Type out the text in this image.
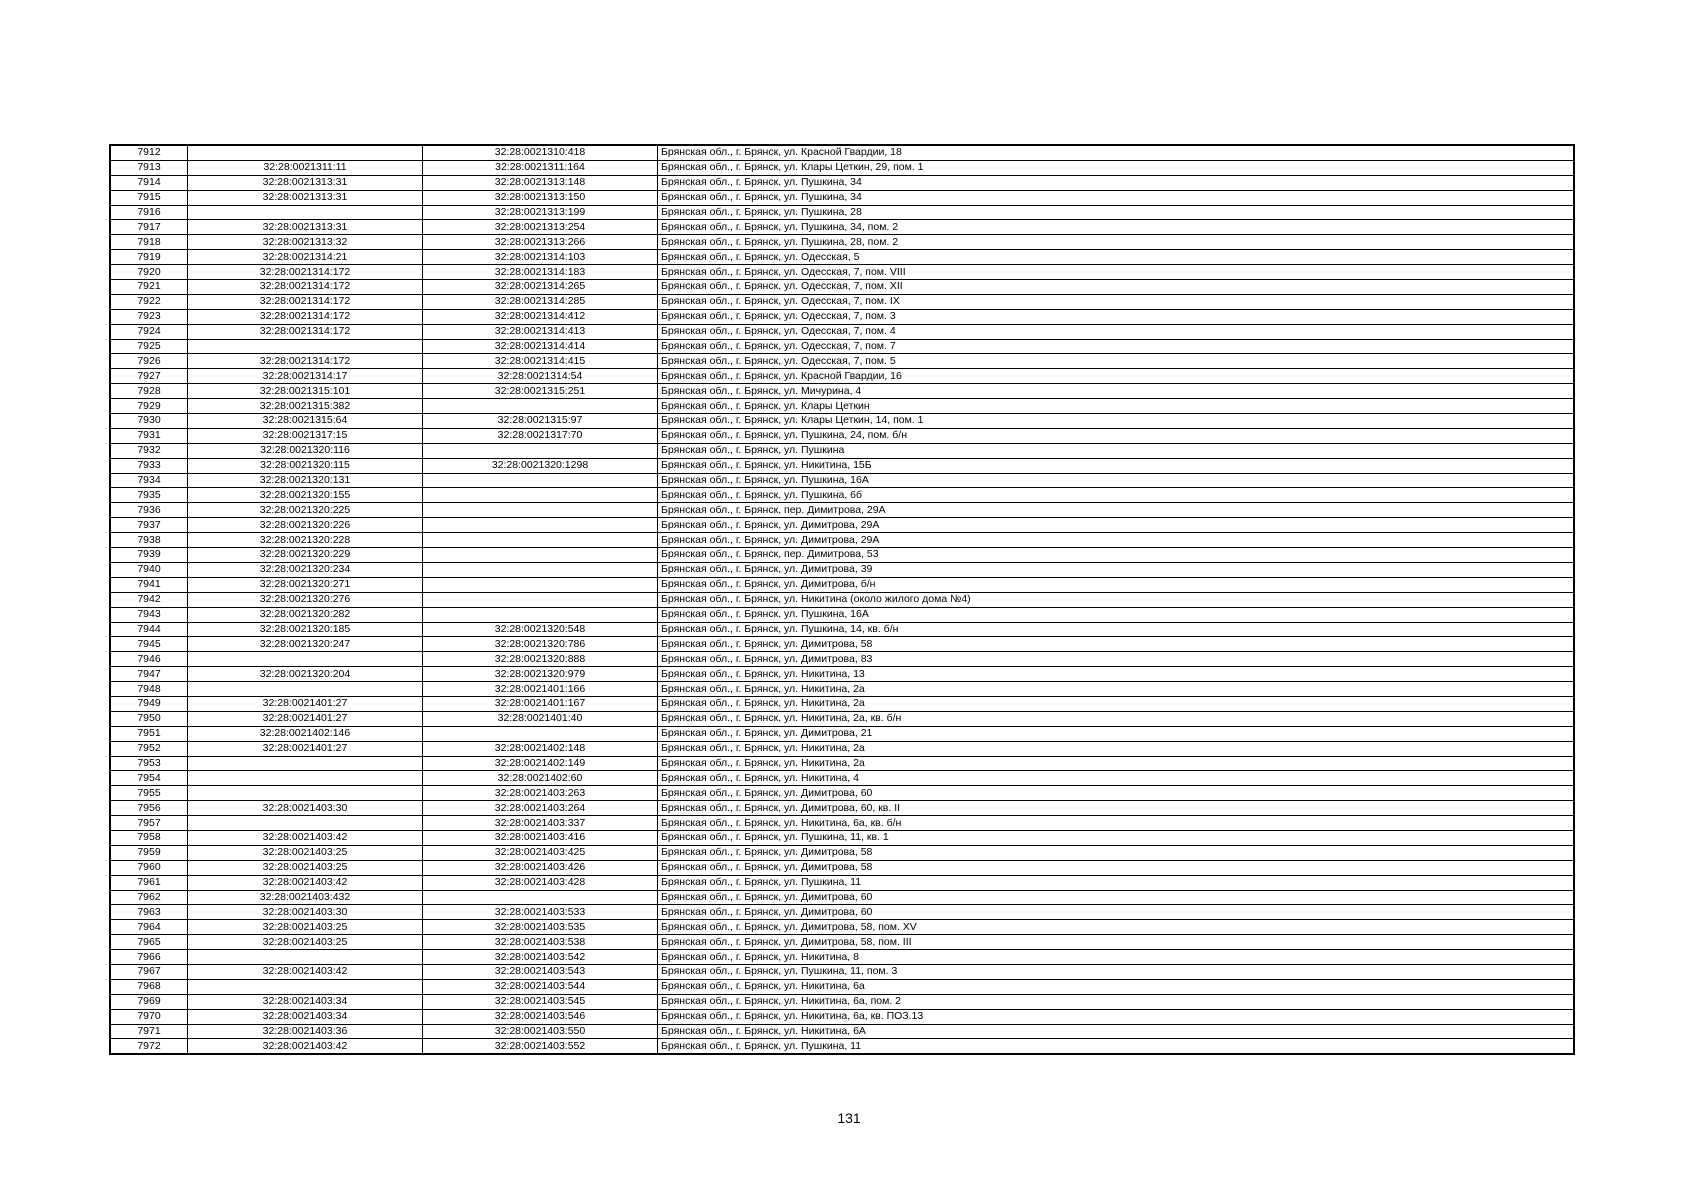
7912		32:28:0021310:418	Брянская обл., г. Брянск, ул. Красной Гвардии, 18
7913	32:28:0021311:11	32:28:0021311:164	Брянская обл., г. Брянск, ул. Клары Цеткин, 29, пом. 1
7914	32:28:0021313:31	32:28:0021313:148	Брянская обл., г. Брянск, ул. Пушкина, 34
7915	32:28:0021313:31	32:28:0021313:150	Брянская обл., г. Брянск, ул. Пушкина, 34
7916		32:28:0021313:199	Брянская обл., г. Брянск, ул. Пушкина, 28
7917	32:28:0021313:31	32:28:0021313:254	Брянская обл., г. Брянск, ул. Пушкина, 34, пом. 2
7918	32:28:0021313:32	32:28:0021313:266	Брянская обл., г. Брянск, ул. Пушкина, 28, пом. 2
7919	32:28:0021314:21	32:28:0021314:103	Брянская обл., г. Брянск, ул. Одесская, 5
7920	32:28:0021314:172	32:28:0021314:183	Брянская обл., г. Брянск, ул. Одесская, 7, пом. VIII
7921	32:28:0021314:172	32:28:0021314:265	Брянская обл., г. Брянск, ул. Одесская, 7, пом. XII
7922	32:28:0021314:172	32:28:0021314:285	Брянская обл., г. Брянск, ул. Одесская, 7, пом. IX
7923	32:28:0021314:172	32:28:0021314:412	Брянская обл., г. Брянск, ул. Одесская, 7, пом. 3
7924	32:28:0021314:172	32:28:0021314:413	Брянская обл., г. Брянск, ул. Одесская, 7, пом. 4
7925		32:28:0021314:414	Брянская обл., г. Брянск, ул. Одесская, 7, пом. 7
7926	32:28:0021314:172	32:28:0021314:415	Брянская обл., г. Брянск, ул. Одесская, 7, пом. 5
7927	32:28:0021314:17	32:28:0021314:54	Брянская обл., г. Брянск, ул. Красной Гвардии, 16
7928	32:28:0021315:101	32:28:0021315:251	Брянская обл., г. Брянск, ул. Мичурина, 4
7929	32:28:0021315:382		Брянская обл., г. Брянск, ул. Клары Цеткин
7930	32:28:0021315:64	32:28:0021315:97	Брянская обл., г. Брянск, ул. Клары Цеткин, 14, пом. 1
7931	32:28:0021317:15	32:28:0021317:70	Брянская обл., г. Брянск, ул. Пушкина, 24, пом. б/н
7932	32:28:0021320:116		Брянская обл., г. Брянск, ул. Пушкина
7933	32:28:0021320:115	32:28:0021320:1298	Брянская обл., г. Брянск, ул. Никитина, 15Б
7934	32:28:0021320:131		Брянская обл., г. Брянск, ул. Пушкина, 16А
7935	32:28:0021320:155		Брянская обл., г. Брянск, ул. Пушкина, 6б
7936	32:28:0021320:225		Брянская обл., г. Брянск, пер. Димитрова, 29А
7937	32:28:0021320:226		Брянская обл., г. Брянск, ул. Димитрова, 29А
7938	32:28:0021320:228		Брянская обл., г. Брянск, ул. Димитрова, 29А
7939	32:28:0021320:229		Брянская обл., г. Брянск, пер. Димитрова, 53
7940	32:28:0021320:234		Брянская обл., г. Брянск, ул. Димитрова, 39
7941	32:28:0021320:271		Брянская обл., г. Брянск, ул. Димитрова, б/н
7942	32:28:0021320:276		Брянская обл., г. Брянск, ул. Никитина (около жилого дома №4)
7943	32:28:0021320:282		Брянская обл., г. Брянск, ул. Пушкина, 16А
7944	32:28:0021320:185	32:28:0021320:548	Брянская обл., г. Брянск, ул. Пушкина, 14, кв. б/н
7945	32:28:0021320:247	32:28:0021320:786	Брянская обл., г. Брянск, ул. Димитрова, 58
7946		32:28:0021320:888	Брянская обл., г. Брянск, ул. Димитрова, 83
7947	32:28:0021320:204	32:28:0021320:979	Брянская обл., г. Брянск, ул. Никитина, 13
7948		32:28:0021401:166	Брянская обл., г. Брянск, ул. Никитина, 2а
7949	32:28:0021401:27	32:28:0021401:167	Брянская обл., г. Брянск, ул. Никитина, 2а
7950	32:28:0021401:27	32:28:0021401:40	Брянская обл., г. Брянск, ул. Никитина, 2а, кв. б/н
7951	32:28:0021402:146		Брянская обл., г. Брянск, ул. Димитрова, 21
7952	32:28:0021401:27	32:28:0021402:148	Брянская обл., г. Брянск, ул. Никитина, 2а
7953		32:28:0021402:149	Брянская обл., г. Брянск, ул. Никитина, 2а
7954		32:28:0021402:60	Брянская обл., г. Брянск, ул. Никитина, 4
7955		32:28:0021403:263	Брянская обл., г. Брянск, ул. Димитрова, 60
7956	32:28:0021403:30	32:28:0021403:264	Брянская обл., г. Брянск, ул. Димитрова, 60, кв. II
7957		32:28:0021403:337	Брянская обл., г. Брянск, ул. Никитина, 6а, кв. б/н
7958	32:28:0021403:42	32:28:0021403:416	Брянская обл., г. Брянск, ул. Пушкина, 11, кв. 1
7959	32:28:0021403:25	32:28:0021403:425	Брянская обл., г. Брянск, ул. Димитрова, 58
7960	32:28:0021403:25	32:28:0021403:426	Брянская обл., г. Брянск, ул. Димитрова, 58
7961	32:28:0021403:42	32:28:0021403:428	Брянская обл., г. Брянск, ул. Пушкина, 11
7962	32:28:0021403:432		Брянская обл., г. Брянск, ул. Димитрова, 60
7963	32:28:0021403:30	32:28:0021403:533	Брянская обл., г. Брянск, ул. Димитрова, 60
7964	32:28:0021403:25	32:28:0021403:535	Брянская обл., г. Брянск, ул. Димитрова, 58, пом. XV
7965	32:28:0021403:25	32:28:0021403:538	Брянская обл., г. Брянск, ул. Димитрова, 58, пом. III
7966		32:28:0021403:542	Брянская обл., г. Брянск, ул. Никитина, 8
7967	32:28:0021403:42	32:28:0021403:543	Брянская обл., г. Брянск, ул. Пушкина, 11, пом. 3
7968		32:28:0021403:544	Брянская обл., г. Брянск, ул. Никитина, 6а
7969	32:28:0021403:34	32:28:0021403:545	Брянская обл., г. Брянск, ул. Никитина, 6а, пом. 2
7970	32:28:0021403:34	32:28:0021403:546	Брянская обл., г. Брянск, ул. Никитина, 6а, кв. ПОЗ.13
7971	32:28:0021403:36	32:28:0021403:550	Брянская обл., г. Брянск, ул. Никитина, 6А
7972	32:28:0021403:42	32:28:0021403:552	Брянская обл., г. Брянск, ул. Пушкина, 11
131
